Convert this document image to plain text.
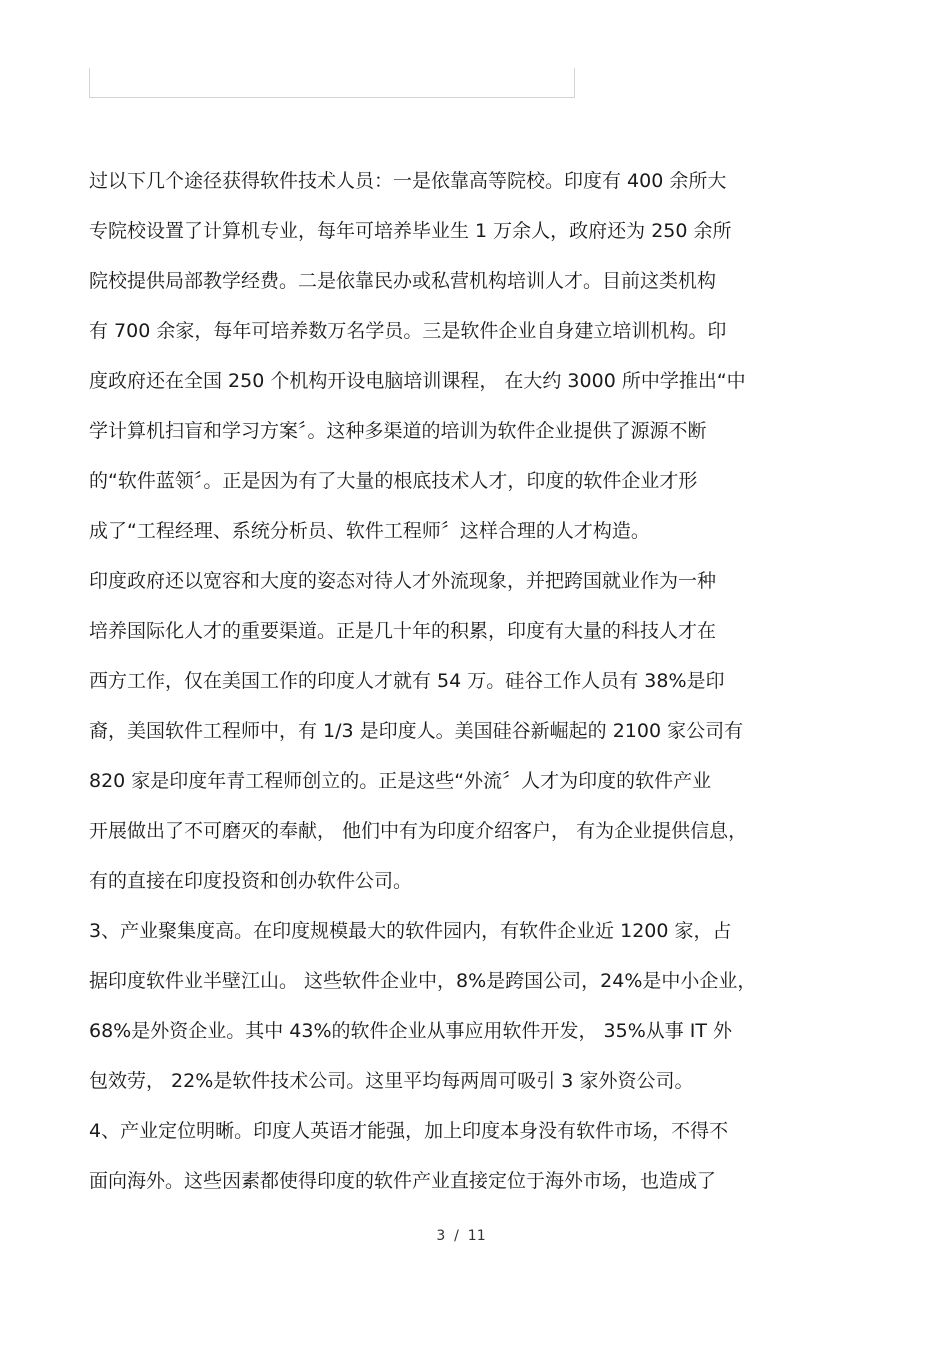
过以下几个途径获得软件技术人员：一是依靠高等院校。印度有 400 余所大
专院校设置了计算机专业，每年可培养毕业生 1 万余人，政府还为 250 余所
院校提供局部教学经费。二是依靠民办或私营机构培训人才。目前这类机构
有 700 余家，每年可培养数万名学员。三是软件企业自身建立培训机构。印
度政府还在全国 250 个机构开设电脑培训课程， 在大约 3000 所中学推出“中
学计算机扫盲和学习方案〞。这种多渠道的培训为软件企业提供了源源不断
的“软件蓝领〞。正是因为有了大量的根底技术人才，印度的软件企业才形
成了“工程经理、系统分析员、软件工程师〞这样合理的人才构造。
印度政府还以宽容和大度的姿态对待人才外流现象，并把跨国就业作为一种
培养国际化人才的重要渠道。正是几十年的积累，印度有大量的科技人才在
西方工作，仅在美国工作的印度人才就有 54 万。硅谷工作人员有 38%是印
裔，美国软件工程师中，有 1/3 是印度人。美国硅谷新崛起的 2100 家公司有
820 家是印度年青工程师创立的。正是这些“外流〞人才为印度的软件产业
开展做出了不可磨灭的奉献， 他们中有为印度介绍客户， 有为企业提供信息，
有的直接在印度投资和创办软件公司。
3、产业聚集度高。在印度规模最大的软件园内，有软件企业近 1200 家，占
据印度软件业半壁江山。 这些软件企业中，8%是跨国公司，24%是中小企业，
68%是外资企业。其中 43%的软件企业从事应用软件开发， 35%从事 IT 外
包效劳， 22%是软件技术公司。这里平均每两周可吸引 3 家外资公司。
4、产业定位明晰。印度人英语才能强，加上印度本身没有软件市场，不得不
面向海外。这些因素都使得印度的软件产业直接定位于海外市场，也造成了
3  /  11
